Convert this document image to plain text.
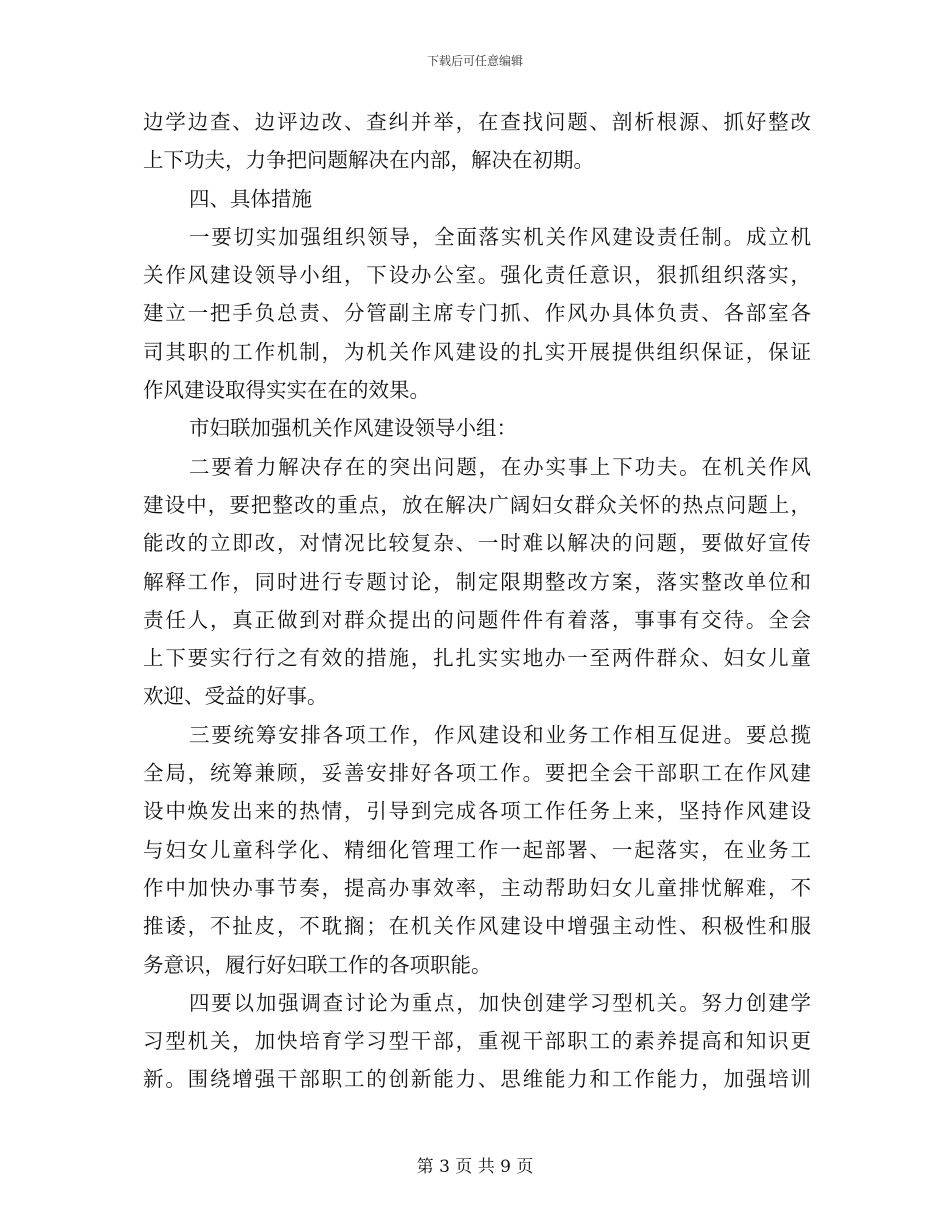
下载后可任意编辑
边学边查、边评边改、查纠并举，在查找问题、剖析根源、抓好整改
上下功夫，力争把问题解决在内部，解决在初期。
四、具体措施
一要切实加强组织领导，全面落实机关作风建设责任制。成立机
关作风建设领导小组，下设办公室。强化责任意识，狠抓组织落实，
建立一把手负总责、分管副主席专门抓、作风办具体负责、各部室各
司其职的工作机制，为机关作风建设的扎实开展提供组织保证，保证
作风建设取得实实在在的效果。
市妇联加强机关作风建设领导小组：
二要着力解决存在的突出问题，在办实事上下功夫。在机关作风
建设中，要把整改的重点，放在解决广阔妇女群众关怀的热点问题上，
能改的立即改，对情况比较复杂、一时难以解决的问题，要做好宣传
解释工作，同时进行专题讨论，制定限期整改方案，落实整改单位和
责任人，真正做到对群众提出的问题件件有着落，事事有交待。全会
上下要实行行之有效的措施，扎扎实实地办一至两件群众、妇女儿童
欢迎、受益的好事。
三要统筹安排各项工作，作风建设和业务工作相互促进。要总揽
全局，统筹兼顾，妥善安排好各项工作。要把全会干部职工在作风建
设中焕发出来的热情，引导到完成各项工作任务上来，坚持作风建设
与妇女儿童科学化、精细化管理工作一起部署、一起落实，在业务工
作中加快办事节奏，提高办事效率，主动帮助妇女儿童排忧解难，不
推诿，不扯皮，不耽搁；在机关作风建设中增强主动性、积极性和服
务意识，履行好妇联工作的各项职能。
四要以加强调查讨论为重点，加快创建学习型机关。努力创建学
习型机关，加快培育学习型干部，重视干部职工的素养提高和知识更
新。围绕增强干部职工的创新能力、思维能力和工作能力，加强培训
第 3 页 共 9 页
